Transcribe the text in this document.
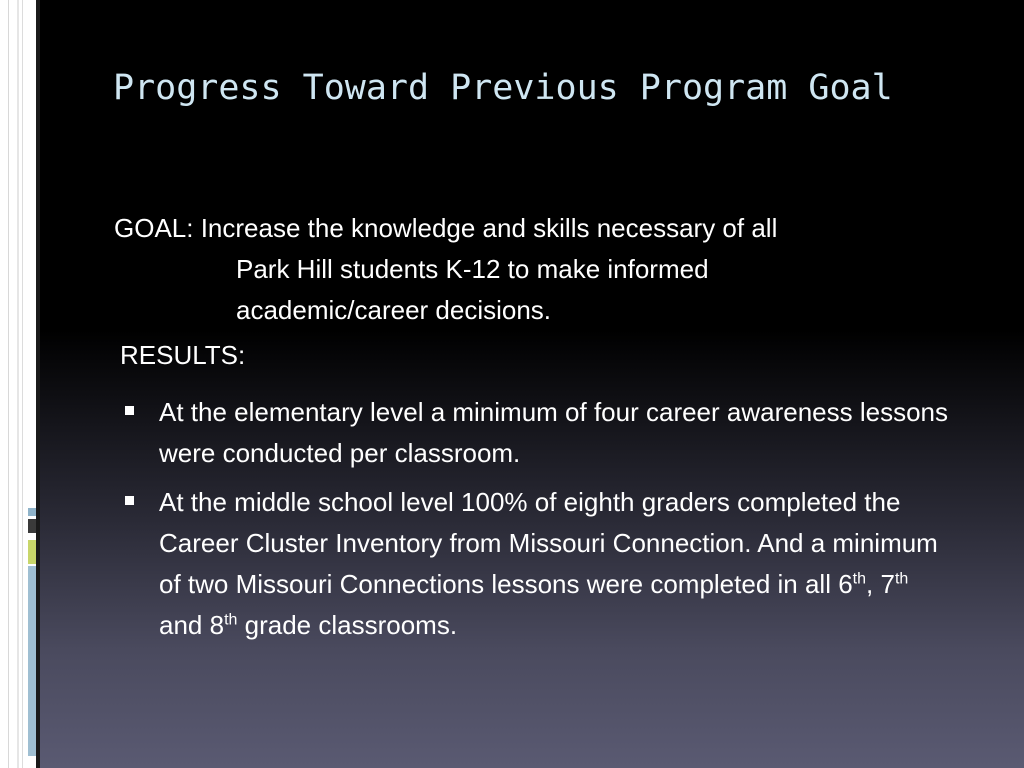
Progress Toward Previous Program Goal
GOAL: Increase the knowledge and skills necessary of all
Park Hill students K-12 to make informed
academic/career decisions.
RESULTS:
At the elementary level a minimum of four career awareness lessons were conducted per classroom.
At the middle school level 100% of eighth graders completed the Career Cluster Inventory from Missouri Connection. And a minimum of two Missouri Connections lessons were completed in all 6th, 7th and 8th grade classrooms.
